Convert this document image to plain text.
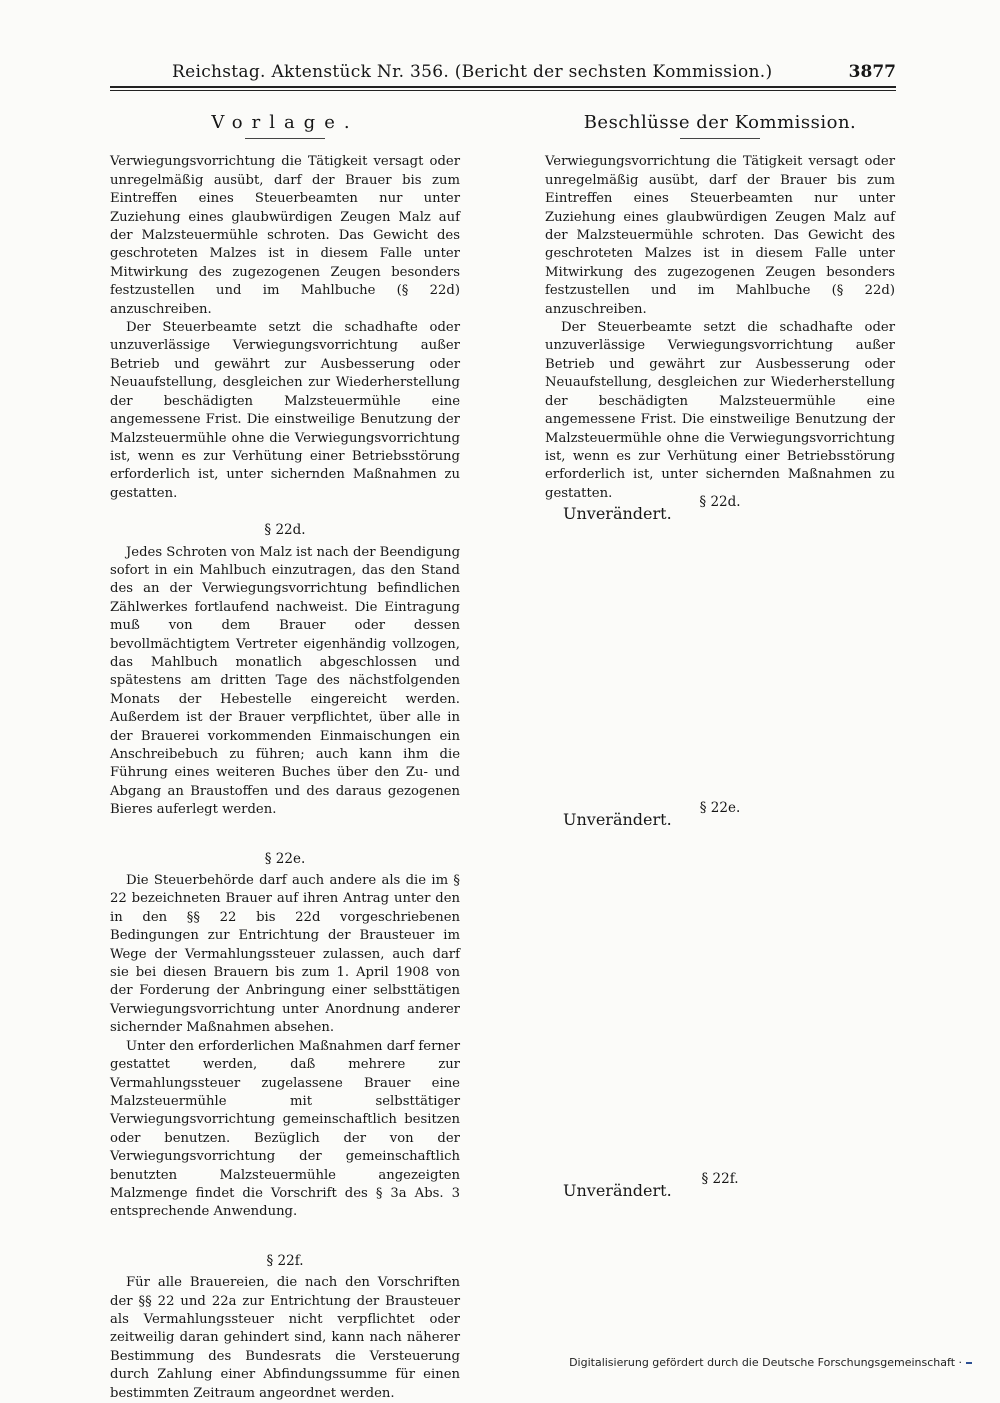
Reichstag. Aktenstück Nr. 356. (Bericht der sechsten Kommission.)	3877
Vorlage.

Verwiegungsvorrichtung die Tätigkeit versagt oder unregelmäßig ausübt, darf der Brauer bis zum Eintreffen eines Steuerbeamten nur unter Zuziehung eines glaubwürdigen Zeugen Malz auf der Malzsteuermühle schroten. Das Gewicht des geschroteten Malzes ist in diesem Falle unter Mitwirkung des zugezogenen Zeugen besonders festzustellen und im Mahlbuche (§ 22d) anzuschreiben.

Der Steuerbeamte setzt die schadhafte oder unzuverlässige Verwiegungsvorrichtung außer Betrieb und gewährt zur Ausbesserung oder Neuaufstellung, desgleichen zur Wiederherstellung der beschädigten Malzsteuermühle eine angemessene Frist. Die einstweilige Benutzung der Malzsteuermühle ohne die Verwiegungsvorrichtung ist, wenn es zur Verhütung einer Betriebsstörung erforderlich ist, unter sichernden Maßnahmen zu gestatten.

§ 22d.

Jedes Schroten von Malz ist nach der Beendigung sofort in ein Mahlbuch einzutragen, das den Stand des an der Verwiegungsvorrichtung befindlichen Zählwerkes fortlaufend nachweist. Die Eintragung muß von dem Brauer oder dessen bevollmächtigtem Vertreter eigenhändig vollzogen, das Mahlbuch monatlich abgeschlossen und spätestens am dritten Tage des nächstfolgenden Monats der Hebestelle eingereicht werden. Außerdem ist der Brauer verpflichtet, über alle in der Brauerei vorkommenden Einmaischungen ein Anschreibebuch zu führen; auch kann ihm die Führung eines weiteren Buches über den Zu- und Abgang an Braustoffen und des daraus gezogenen Bieres auferlegt werden.

§ 22e.

Die Steuerbehörde darf auch andere als die im § 22 bezeichneten Brauer auf ihren Antrag unter den in den §§ 22 bis 22d vorgeschriebenen Bedingungen zur Entrichtung der Brausteuer im Wege der Vermahlungssteuer zulassen, auch darf sie bei diesen Brauern bis zum 1. April 1908 von der Forderung der Anbringung einer selbsttätigen Verwiegungsvorrichtung unter Anordnung anderer sichernder Maßnahmen absehen.

Unter den erforderlichen Maßnahmen darf ferner gestattet werden, daß mehrere zur Vermahlungssteuer zugelassene Brauer eine Malzsteuermühle mit selbsttätiger Verwiegungsvorrichtung gemeinschaftlich besitzen oder benutzen. Bezüglich der von der Verwiegungsvorrichtung der gemeinschaftlich benutzten Malzsteuermühle angezeigten Malzmenge findet die Vorschrift des § 3a Abs. 3 entsprechende Anwendung.

§ 22f.

Für alle Brauereien, die nach den Vorschriften der §§ 22 und 22a zur Entrichtung der Brausteuer als Vermahlungssteuer nicht verpflichtet oder zeitweilig daran gehindert sind, kann nach näherer Bestimmung des Bundesrats die Versteuerung durch Zahlung einer Abfindungssumme für einen bestimmten Zeitraum angeordnet werden.

Beschlüsse der Kommission.

Verwiegungsvorrichtung die Tätigkeit versagt oder unregelmäßig ausübt, darf der Brauer bis zum Eintreffen eines Steuerbeamten nur unter Zuziehung eines glaubwürdigen Zeugen Malz auf der Malzsteuermühle schroten. Das Gewicht des geschroteten Malzes ist in diesem Falle unter Mitwirkung des zugezogenen Zeugen besonders festzustellen und im Mahlbuche (§ 22d) anzuschreiben.

Der Steuerbeamte setzt die schadhafte oder unzuverlässige Verwiegungsvorrichtung außer Betrieb und gewährt zur Ausbesserung oder Neuaufstellung, desgleichen zur Wiederherstellung der beschädigten Malzsteuermühle eine angemessene Frist. Die einstweilige Benutzung der Malzsteuermühle ohne die Verwiegungsvorrichtung ist, wenn es zur Verhütung einer Betriebsstörung erforderlich ist, unter sichernden Maßnahmen zu gestatten.

§ 22d.
Unverändert.
§ 22e.
Unverändert.
§ 22f.
Unverändert.
Digitalisierung gefördert durch die Deutsche Forschungsgemeinschaft ·
